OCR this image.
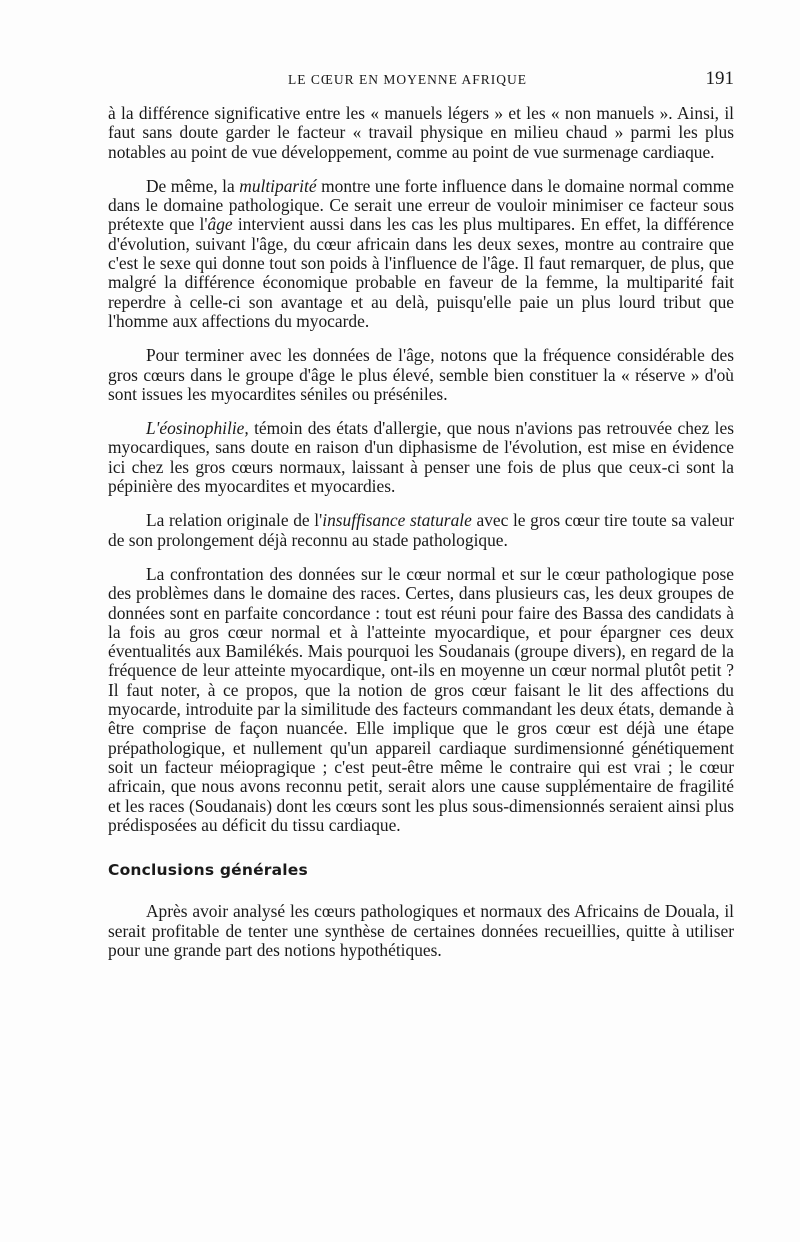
LE CŒUR EN MOYENNE AFRIQUE	191

à la différence significative entre les « manuels légers » et les « non manuels ». Ainsi, il faut sans doute garder le facteur « travail physique en milieu chaud » parmi les plus notables au point de vue développement, comme au point de vue surmenage cardiaque.

De même, la multiparité montre une forte influence dans le domaine normal comme dans le domaine pathologique. Ce serait une erreur de vouloir minimiser ce facteur sous prétexte que l'âge intervient aussi dans les cas les plus multipares. En effet, la différence d'évolution, suivant l'âge, du cœur africain dans les deux sexes, montre au contraire que c'est le sexe qui donne tout son poids à l'influence de l'âge. Il faut remarquer, de plus, que malgré la différence économique probable en faveur de la femme, la multiparité fait reperdre à celle-ci son avantage et au delà, puisqu'elle paie un plus lourd tribut que l'homme aux affections du myocarde.

Pour terminer avec les données de l'âge, notons que la fréquence considérable des gros cœurs dans le groupe d'âge le plus élevé, semble bien constituer la « réserve » d'où sont issues les myocardites séniles ou préséniles.

L'éosinophilie, témoin des états d'allergie, que nous n'avions pas retrouvée chez les myocardiques, sans doute en raison d'un diphasisme de l'évolution, est mise en évidence ici chez les gros cœurs normaux, laissant à penser une fois de plus que ceux-ci sont la pépinière des myocardites et myocardies.

La relation originale de l'insuffisance staturale avec le gros cœur tire toute sa valeur de son prolongement déjà reconnu au stade pathologique.

La confrontation des données sur le cœur normal et sur le cœur pathologique pose des problèmes dans le domaine des races. Certes, dans plusieurs cas, les deux groupes de données sont en parfaite concordance : tout est réuni pour faire des Bassa des candidats à la fois au gros cœur normal et à l'atteinte myocardique, et pour épargner ces deux éventualités aux Bamilékés. Mais pourquoi les Soudanais (groupe divers), en regard de la fréquence de leur atteinte myocardique, ont-ils en moyenne un cœur normal plutôt petit ? Il faut noter, à ce propos, que la notion de gros cœur faisant le lit des affections du myocarde, introduite par la similitude des facteurs commandant les deux états, demande à être comprise de façon nuancée. Elle implique que le gros cœur est déjà une étape prépathologique, et nullement qu'un appareil cardiaque surdimensionné génétiquement soit un facteur méiopragique ; c'est peut-être même le contraire qui est vrai ; le cœur africain, que nous avons reconnu petit, serait alors une cause supplémentaire de fragilité et les races (Soudanais) dont les cœurs sont les plus sous-dimensionnés seraient ainsi plus prédisposées au déficit du tissu cardiaque.

Conclusions générales

Après avoir analysé les cœurs pathologiques et normaux des Africains de Douala, il serait profitable de tenter une synthèse de certaines données recueillies, quitte à utiliser pour une grande part des notions hypothétiques.
